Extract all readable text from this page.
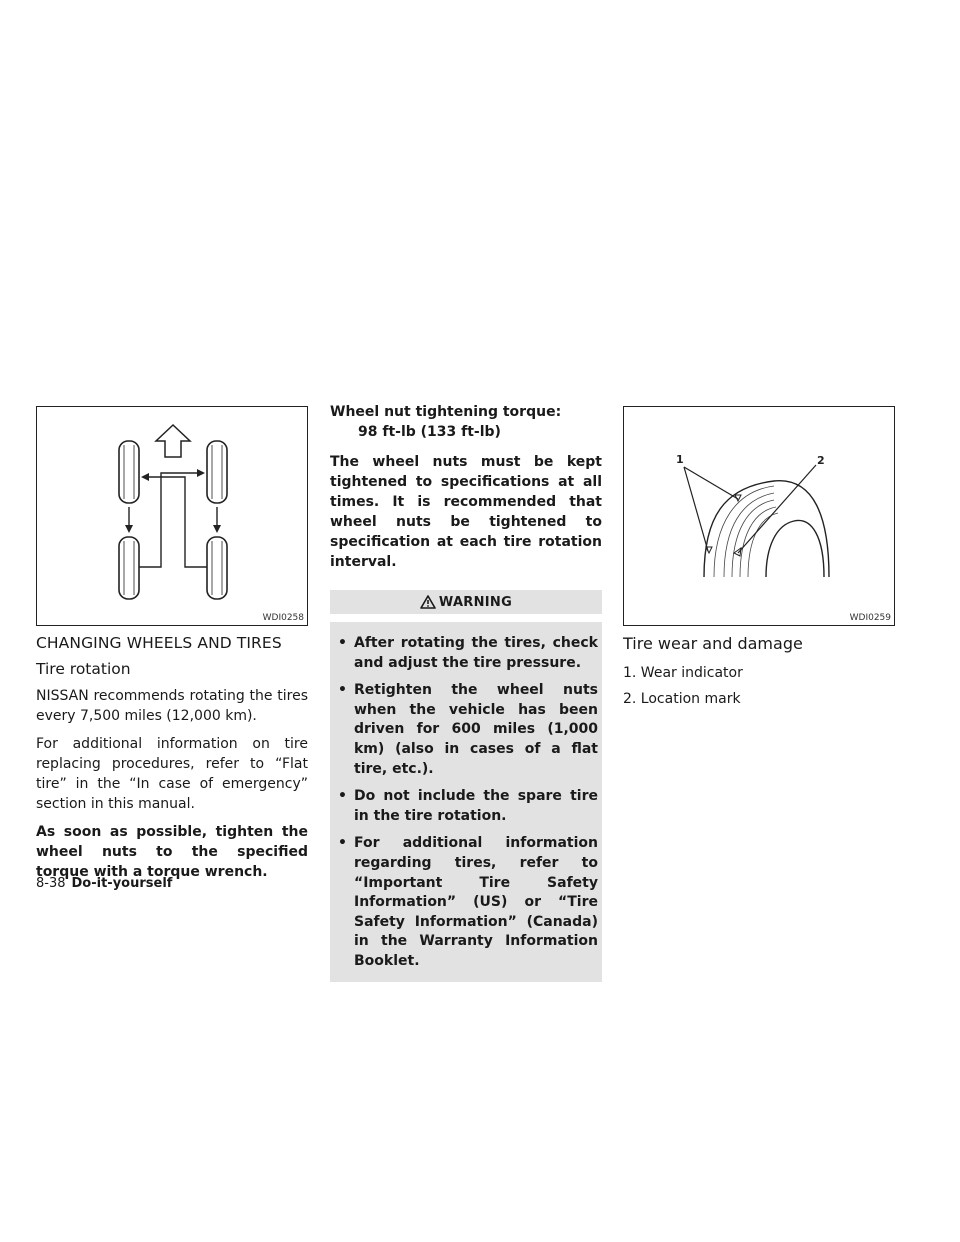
WDI0258
CHANGING WHEELS AND TIRES
Tire rotation

NISSAN recommends rotating the tires every 7,500 miles (12,000 km).

For additional information on tire replacing procedures, refer to “Flat tire” in the “In case of emergency” section in this manual.

As soon as possible, tighten the wheel nuts to the specified torque with a torque wrench.

Wheel nut tightening torque:

98 ft-lb (133 ft-lb)

The wheel nuts must be kept tightened to specifications at all times. It is recommended that wheel nuts be tightened to specification at each tire rotation interval.

WARNING
• After rotating the tires, check and adjust the tire pressure.
• Retighten the wheel nuts when the vehicle has been driven for 600 miles (1,000 km) (also in cases of a flat tire, etc.).
• Do not include the spare tire in the tire rotation.
• For additional information regarding tires, refer to “Important Tire Safety Information” (US) or “Tire Safety Information” (Canada) in the Warranty Information Booklet.
1	2
WDI0259
Tire wear and damage

1. Wear indicator

2. Location mark

8-38 Do-it-yourself
